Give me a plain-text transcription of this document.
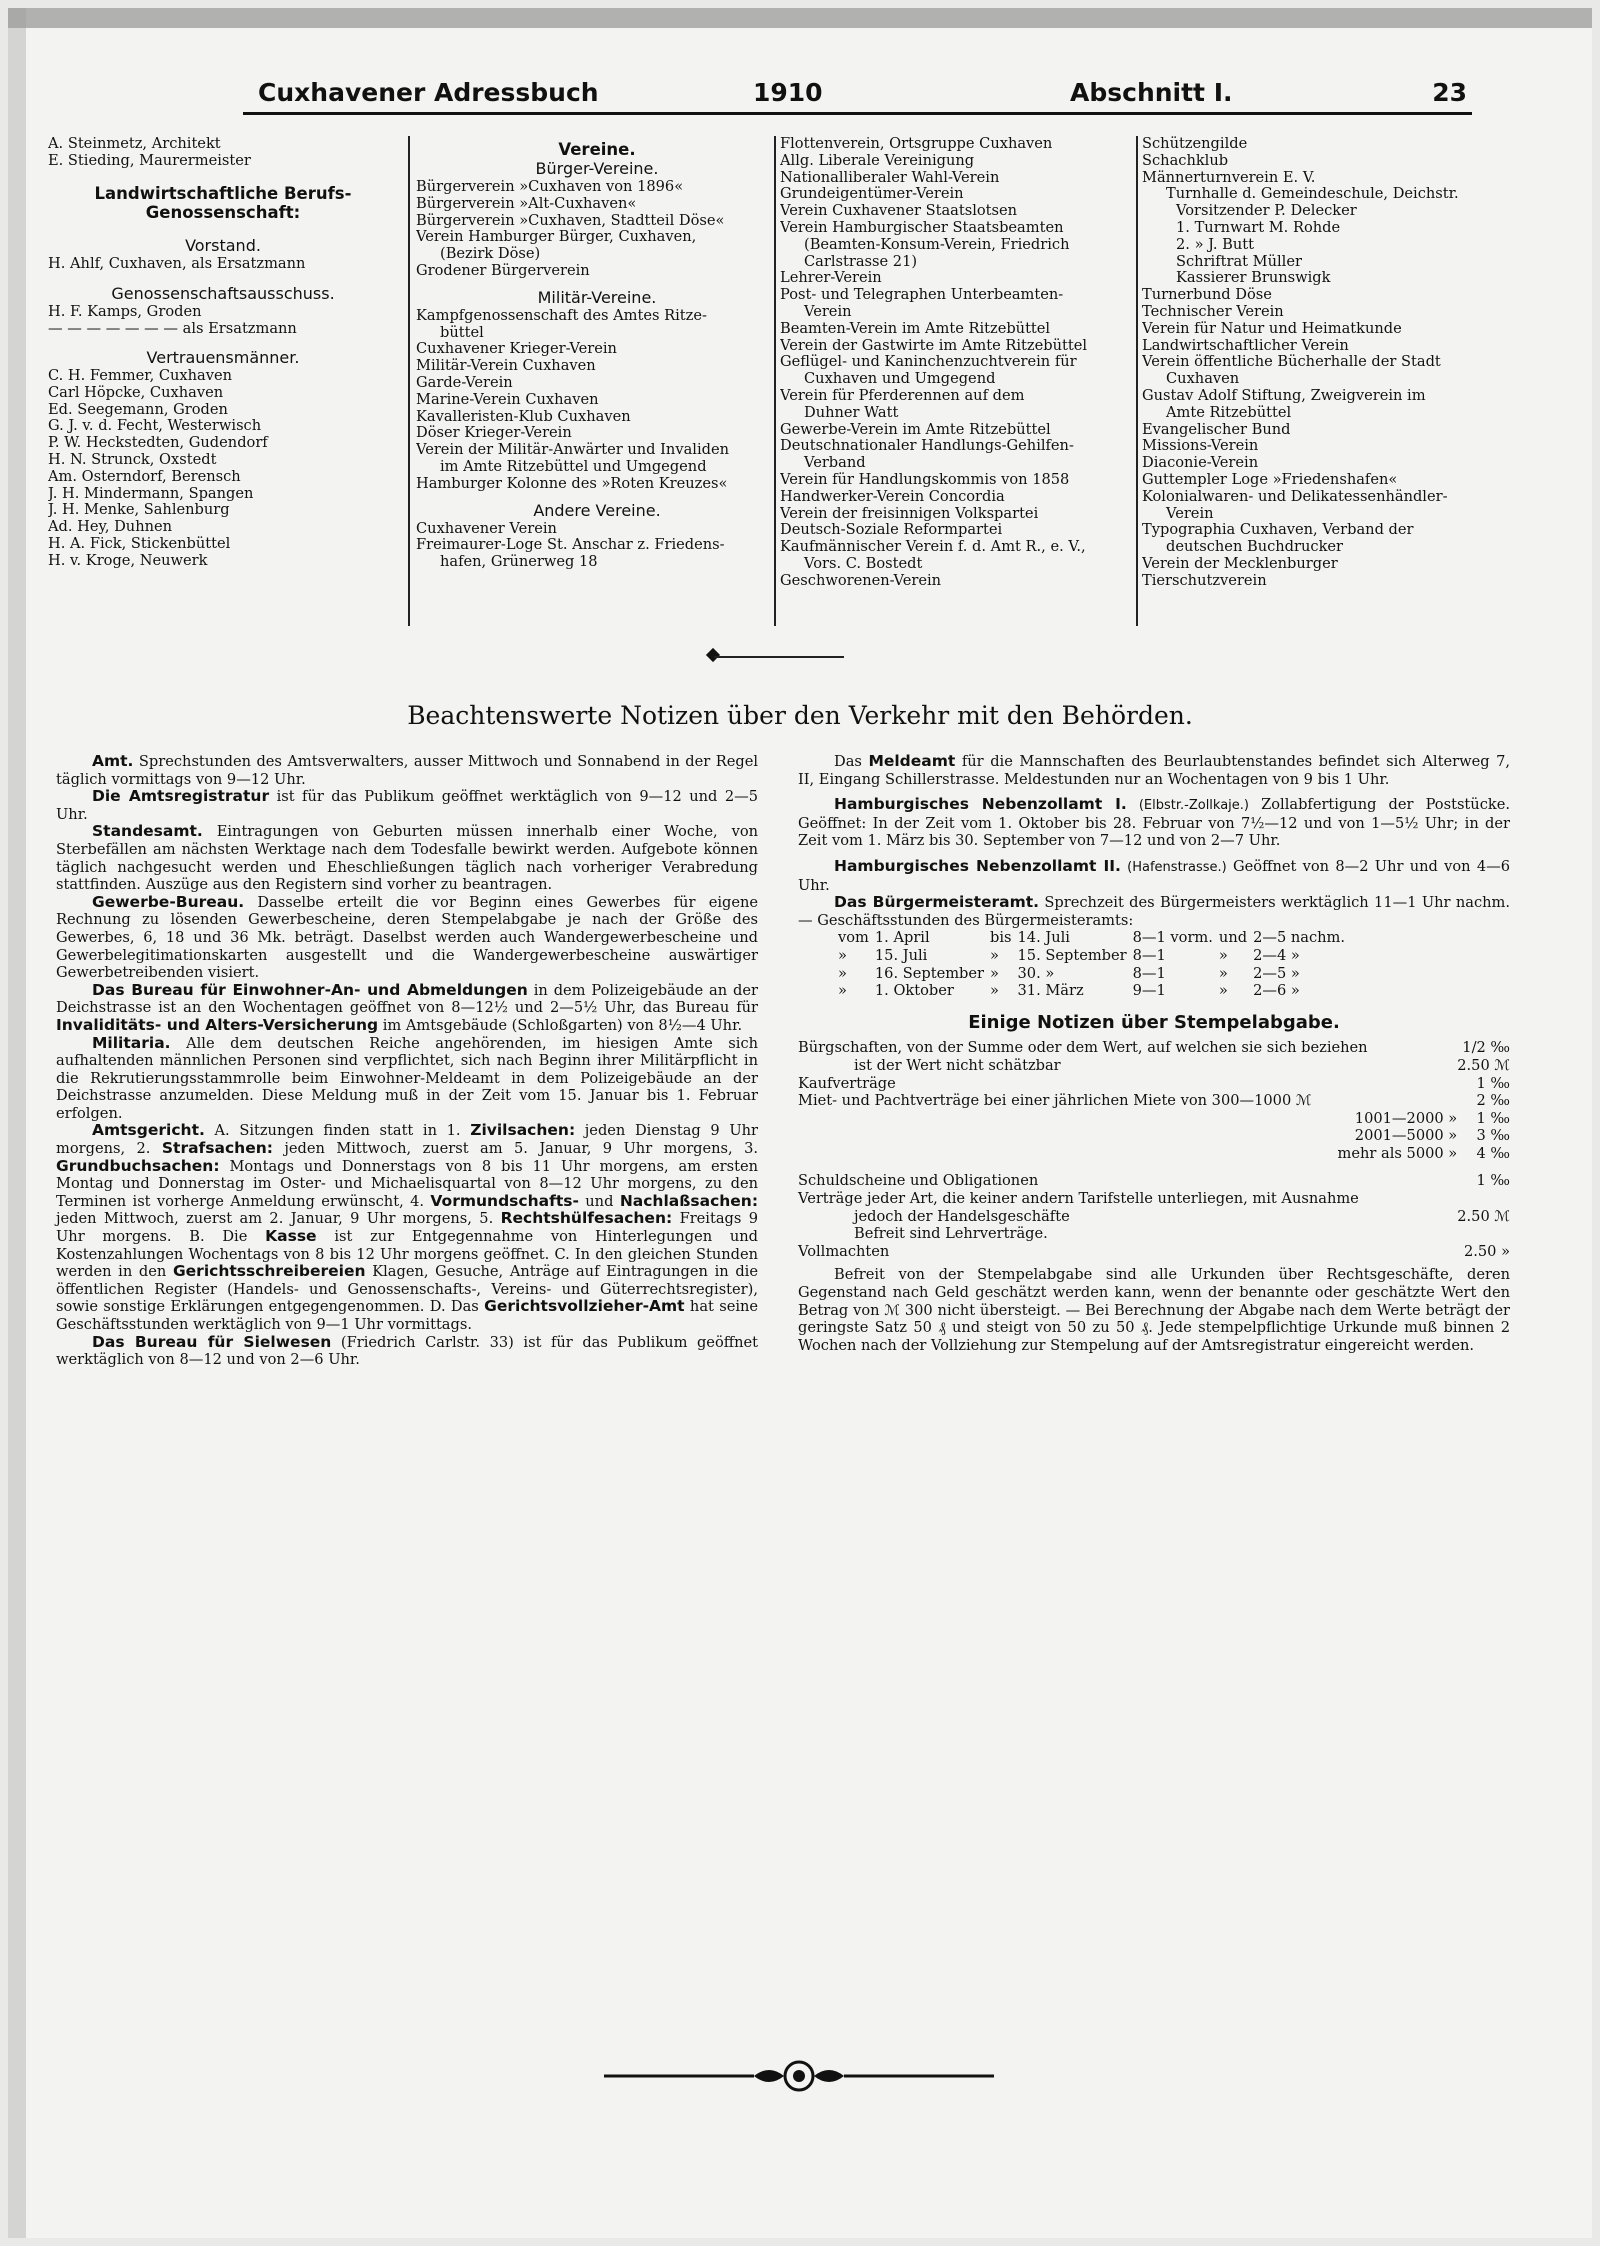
Cuxhavener Adressbuch	1910	Abschnitt I.	23
A. Steinmetz, Architekt
E. Stieding, Maurermeister
Landwirtschaftliche Berufs-
Genossenschaft:
Vorstand.
H. Ahlf, Cuxhaven, als Ersatzmann
Genossenschaftsausschuss.
H. F. Kamps, Groden
— — — — — — — als Ersatzmann
Vertrauensmänner.
C. H. Femmer, Cuxhaven
Carl Höpcke, Cuxhaven
Ed. Seegemann, Groden
G. J. v. d. Fecht, Westerwisch
P. W. Heckstedten, Gudendorf
H. N. Strunck, Oxstedt
Am. Osterndorf, Berensch
J. H. Mindermann, Spangen
J. H. Menke, Sahlenburg
Ad. Hey, Duhnen
H. A. Fick, Stickenbüttel
H. v. Kroge, Neuwerk
Vereine.
Bürger-Vereine.
Bürgerverein »Cuxhaven von 1896«
Bürgerverein »Alt-Cuxhaven«
Bürgerverein »Cuxhaven, Stadtteil Döse«
Verein Hamburger Bürger, Cuxhaven,
(Bezirk Döse)
Grodener Bürgerverein
Militär-Vereine.
Kampfgenossenschaft des Amtes Ritze-
büttel
Cuxhavener Krieger-Verein
Militär-Verein Cuxhaven
Garde-Verein
Marine-Verein Cuxhaven
Kavalleristen-Klub Cuxhaven
Döser Krieger-Verein
Verein der Militär-Anwärter und Invaliden
im Amte Ritzebüttel und Umgegend
Hamburger Kolonne des »Roten Kreuzes«
Andere Vereine.
Cuxhavener Verein
Freimaurer-Loge St. Anschar z. Friedens-
hafen, Grünerweg 18
Flottenverein, Ortsgruppe Cuxhaven
Allg. Liberale Vereinigung
Nationalliberaler Wahl-Verein
Grundeigentümer-Verein
Verein Cuxhavener Staatslotsen
Verein Hamburgischer Staatsbeamten
(Beamten-Konsum-Verein, Friedrich
Carlstrasse 21)
Lehrer-Verein
Post- und Telegraphen Unterbeamten-
Verein
Beamten-Verein im Amte Ritzebüttel
Verein der Gastwirte im Amte Ritzebüttel
Geflügel- und Kaninchenzuchtverein für
Cuxhaven und Umgegend
Verein für Pferderennen auf dem
Duhner Watt
Gewerbe-Verein im Amte Ritzebüttel
Deutschnationaler Handlungs-Gehilfen-
Verband
Verein für Handlungskommis von 1858
Handwerker-Verein Concordia
Verein der freisinnigen Volkspartei
Deutsch-Soziale Reformpartei
Kaufmännischer Verein f. d. Amt R., e. V.,
Vors. C. Bostedt
Geschworenen-Verein
Schützengilde
Schachklub
Männerturnverein E. V.
Turnhalle d. Gemeindeschule, Deichstr.
Vorsitzender P. Delecker
1. Turnwart M. Rohde
2. » J. Butt
Schriftrat Müller
Kassierer Brunswigk
Turnerbund Döse
Technischer Verein
Verein für Natur und Heimatkunde
Landwirtschaftlicher Verein
Verein öffentliche Bücherhalle der Stadt
Cuxhaven
Gustav Adolf Stiftung, Zweigverein im
Amte Ritzebüttel
Evangelischer Bund
Missions-Verein
Diaconie-Verein
Guttempler Loge »Friedenshafen«
Kolonialwaren- und Delikatessenhändler-
Verein
Typographia Cuxhaven, Verband der
deutschen Buchdrucker
Verein der Mecklenburger
Tierschutzverein
Beachtenswerte Notizen über den Verkehr mit den Behörden.

Amt. Sprechstunden des Amtsverwalters, ausser Mittwoch und Sonnabend in der Regel täglich vormittags von 9—12 Uhr.

Die Amtsregistratur ist für das Publikum geöffnet werktäglich von 9—12 und 2—5 Uhr.

Standesamt. Eintragungen von Geburten müssen innerhalb einer Woche, von Sterbefällen am nächsten Werktage nach dem Todesfalle bewirkt werden. Aufgebote können täglich nachgesucht werden und Eheschließungen täglich nach vorheriger Verabredung stattfinden. Auszüge aus den Registern sind vorher zu beantragen.

Gewerbe-Bureau. Dasselbe erteilt die vor Beginn eines Gewerbes für eigene Rechnung zu lösenden Gewerbescheine, deren Stempelabgabe je nach der Größe des Gewerbes, 6, 18 und 36 Mk. beträgt. Daselbst werden auch Wandergewerbescheine und Gewerbelegitimationskarten ausgestellt und die Wandergewerbescheine auswärtiger Gewerbetreibenden visiert.

Das Bureau für Einwohner-An- und Abmeldungen in dem Polizeigebäude an der Deichstrasse ist an den Wochentagen geöffnet von 8—12½ und 2—5½ Uhr, das Bureau für Invaliditäts- und Alters-Versicherung im Amtsgebäude (Schloßgarten) von 8½—4 Uhr.

Militaria. Alle dem deutschen Reiche angehörenden, im hiesigen Amte sich aufhaltenden männlichen Personen sind verpflichtet, sich nach Beginn ihrer Militärpflicht in die Rekrutierungsstammrolle beim Einwohner-Meldeamt in dem Polizeigebäude an der Deichstrasse anzumelden. Diese Meldung muß in der Zeit vom 15. Januar bis 1. Februar erfolgen.

Amtsgericht. A. Sitzungen finden statt in 1. Zivilsachen: jeden Dienstag 9 Uhr morgens, 2. Strafsachen: jeden Mittwoch, zuerst am 5. Januar, 9 Uhr morgens, 3. Grundbuchsachen: Montags und Donnerstags von 8 bis 11 Uhr morgens, am ersten Montag und Donnerstag im Oster- und Michaelisquartal von 8—12 Uhr morgens, zu den Terminen ist vorherge Anmeldung erwünscht, 4. Vormundschafts- und Nachlaßsachen: jeden Mittwoch, zuerst am 2. Januar, 9 Uhr morgens, 5. Rechtshülfesachen: Freitags 9 Uhr morgens. B. Die Kasse ist zur Entgegennahme von Hinterlegungen und Kostenzahlungen Wochentags von 8 bis 12 Uhr morgens geöffnet. C. In den gleichen Stunden werden in den Gerichtsschreibereien Klagen, Gesuche, Anträge auf Eintragungen in die öffentlichen Register (Handels- und Genossenschafts-, Vereins- und Güterrechtsregister), sowie sonstige Erklärungen entgegengenommen. D. Das Gerichtsvollzieher-Amt hat seine Geschäftsstunden werktäglich von 9—1 Uhr vormittags.

Das Bureau für Sielwesen (Friedrich Carlstr. 33) ist für das Publikum geöffnet werktäglich von 8—12 und von 2—6 Uhr.

Das Meldeamt für die Mannschaften des Beurlaubtenstandes befindet sich Alterweg 7, II, Eingang Schillerstrasse. Meldestunden nur an Wochentagen von 9 bis 1 Uhr.

Hamburgisches Nebenzollamt I. (Elbstr.-Zollkaje.) Zollabfertigung der Poststücke. Geöffnet: In der Zeit vom 1. Oktober bis 28. Februar von 7½—12 und von 1—5½ Uhr; in der Zeit vom 1. März bis 30. September von 7—12 und von 2—7 Uhr.

Hamburgisches Nebenzollamt II. (Hafenstrasse.) Geöffnet von 8—2 Uhr und von 4—6 Uhr.

Das Bürgermeisteramt. Sprechzeit des Bürgermeisters werktäglich 11—1 Uhr nachm. — Geschäftsstunden des Bürgermeisteramts:

vom	1. April	bis	14. Juli	8—1 vorm.	und	2—5 nachm.
»	15. Juli	»	15. September	8—1	»	2—4 »
»	16. September	»	30. »	8—1	»	2—5 »
»	1. Oktober	»	31. März	9—1	»	2—6 »
Einige Notizen über Stempelabgabe.
Bürgschaften, von der Summe oder dem Wert, auf welchen sie sich beziehen	1/2 ‰
ist der Wert nicht schätzbar	2.50 ℳ
Kaufverträge	1 ‰
Miet- und Pachtverträge bei einer jährlichen Miete von 300—1000 ℳ	2 ‰
1001—2000 »	1 ‰
2001—5000 »	3 ‰
mehr als 5000 »	4 ‰
Schuldscheine und Obligationen	1 ‰
Verträge jeder Art, die keiner andern Tarifstelle unterliegen, mit Ausnahme	
jedoch der Handelsgeschäfte	2.50 ℳ
Befreit sind Lehrverträge.	
Vollmachten	2.50 »

Befreit von der Stempelabgabe sind alle Urkunden über Rechtsgeschäfte, deren Gegenstand nach Geld geschätzt werden kann, wenn der benannte oder geschätzte Wert den Betrag von ℳ 300 nicht übersteigt. — Bei Berechnung der Abgabe nach dem Werte beträgt der geringste Satz 50 ₰ und steigt von 50 zu 50 ₰. Jede stempelpflichtige Urkunde muß binnen 2 Wochen nach der Vollziehung zur Stempelung auf der Amtsregistratur eingereicht werden.
